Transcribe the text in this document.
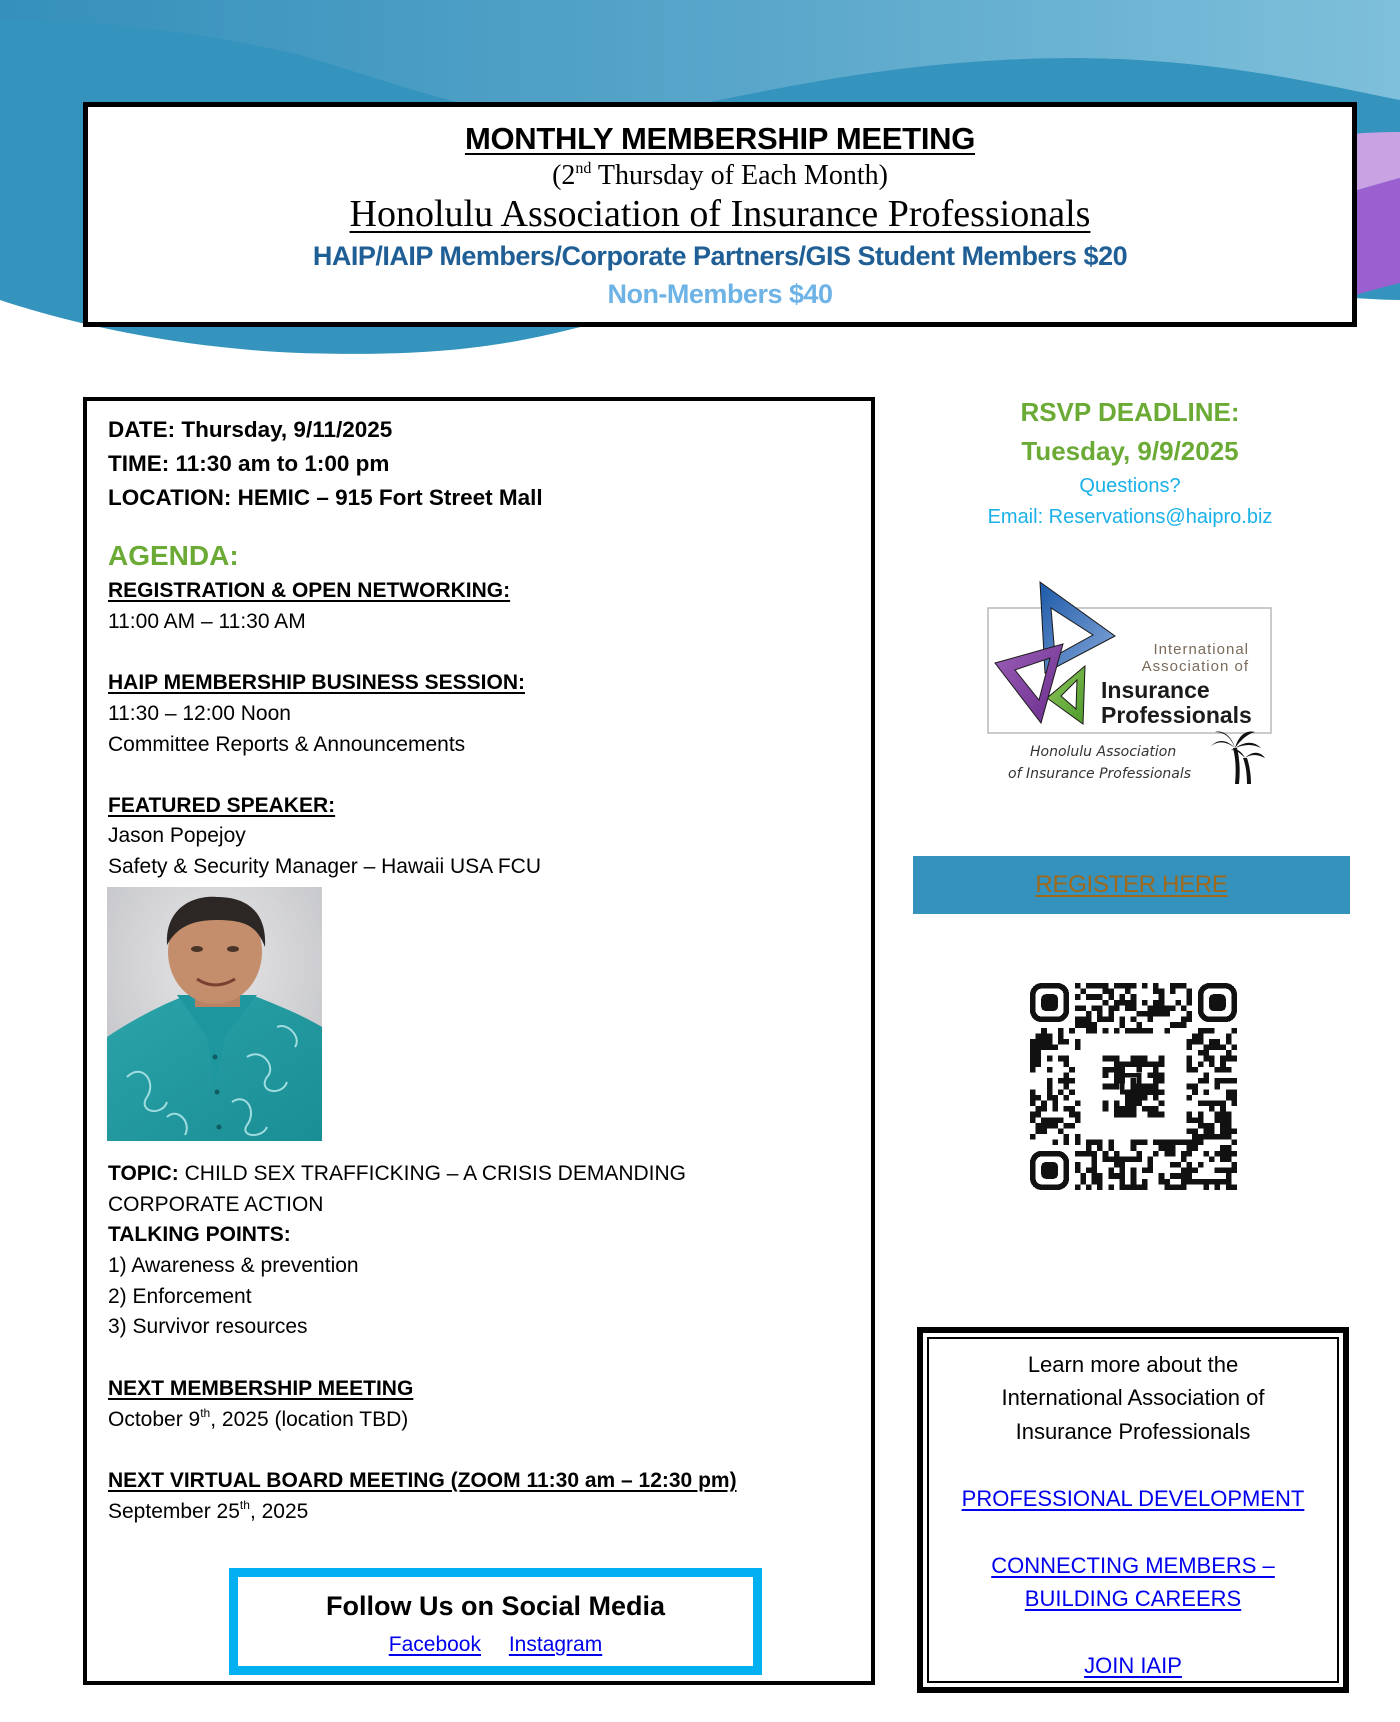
MONTHLY MEMBERSHIP MEETING
(2nd Thursday of Each Month)
Honolulu Association of Insurance Professionals
HAIP/IAIP Members/Corporate Partners/GIS Student Members $20
Non-Members $40
DATE: Thursday, 9/11/2025
TIME: 11:30 am to 1:00 pm
LOCATION: HEMIC – 915 Fort Street Mall
AGENDA:
REGISTRATION & OPEN NETWORKING:
11:00 AM – 11:30 AM
HAIP MEMBERSHIP BUSINESS SESSION:
11:30 – 12:00 Noon
Committee Reports & Announcements
FEATURED SPEAKER:
Jason Popejoy
Safety & Security Manager – Hawaii USA FCU
TOPIC: CHILD SEX TRAFFICKING – A CRISIS DEMANDING
CORPORATE ACTION
TALKING POINTS:
1) Awareness & prevention
2) Enforcement
3) Survivor resources
NEXT MEMBERSHIP MEETING
October 9th, 2025 (location TBD)
NEXT VIRTUAL BOARD MEETING (ZOOM 11:30 am – 12:30 pm)
September 25th, 2025
Follow Us on Social Media
Facebook Instagram
RSVP DEADLINE:
Tuesday, 9/9/2025
Questions?
Email: Reservations@haipro.biz
International
Association of
Insurance
Professionals
Honolulu Association
of Insurance Professionals
REGISTER HERE
Learn more about the
International Association of
Insurance Professionals
PROFESSIONAL DEVELOPMENT
CONNECTING MEMBERS –
BUILDING CAREERS
JOIN IAIP
